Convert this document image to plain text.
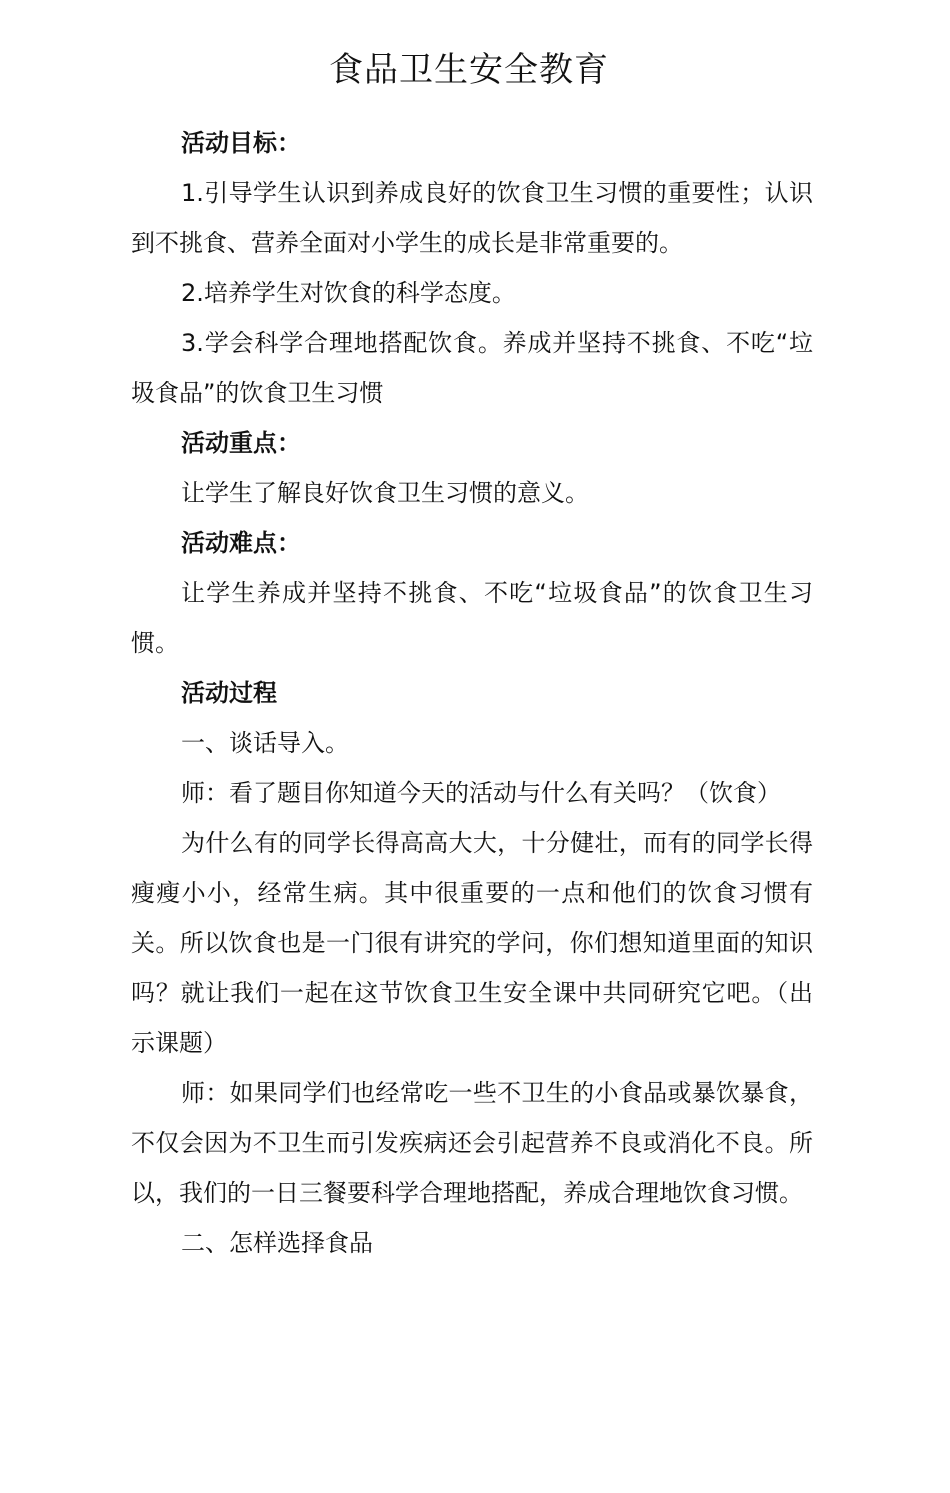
食品卫生安全教育

活动目标：

1.引导学生认识到养成良好的饮食卫生习惯的重要性；认识到不挑食、营养全面对小学生的成长是非常重要的。

2.培养学生对饮食的科学态度。

3.学会科学合理地搭配饮食。养成并坚持不挑食、不吃“垃圾食品”的饮食卫生习惯

活动重点：

让学生了解良好饮食卫生习惯的意义。

活动难点：

让学生养成并坚持不挑食、不吃“垃圾食品”的饮食卫生习惯。

活动过程

一、谈话导入。

师：看了题目你知道今天的活动与什么有关吗？（饮食）

为什么有的同学长得高高大大，十分健壮，而有的同学长得瘦瘦小小，经常生病。其中很重要的一点和他们的饮食习惯有关。所以饮食也是一门很有讲究的学问，你们想知道里面的知识吗？就让我们一起在这节饮食卫生安全课中共同研究它吧。（出示课题）

师：如果同学们也经常吃一些不卫生的小食品或暴饮暴食，不仅会因为不卫生而引发疾病还会引起营养不良或消化不良。所以，我们的一日三餐要科学合理地搭配，养成合理地饮食习惯。

二、怎样选择食品
